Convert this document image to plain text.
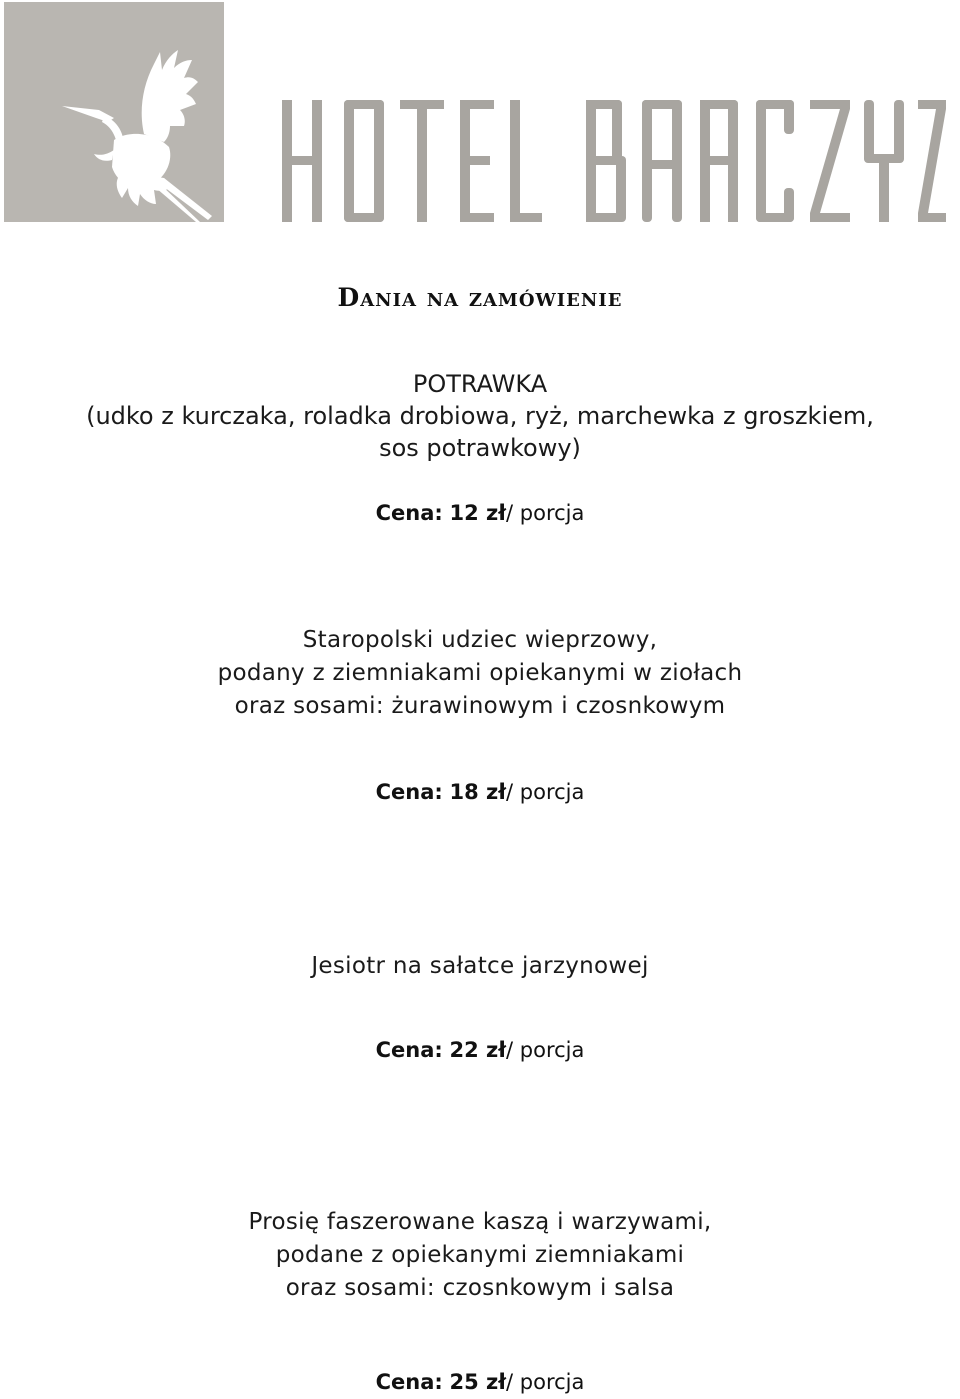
Dania na zamówienie
POTRAWKA
(udko z kurczaka, roladka drobiowa, ryż, marchewka z groszkiem,
sos potrawkowy)
Cena: 12 zł/ porcja
Staropolski udziec wieprzowy,
podany z ziemniakami opiekanymi w ziołach
oraz sosami: żurawinowym i czosnkowym
Cena: 18 zł/ porcja
Jesiotr na sałatce jarzynowej
Cena: 22 zł/ porcja
Prosię faszerowane kaszą i warzywami,
podane z opiekanymi ziemniakami
oraz sosami: czosnkowym i salsa
Cena: 25 zł/ porcja
